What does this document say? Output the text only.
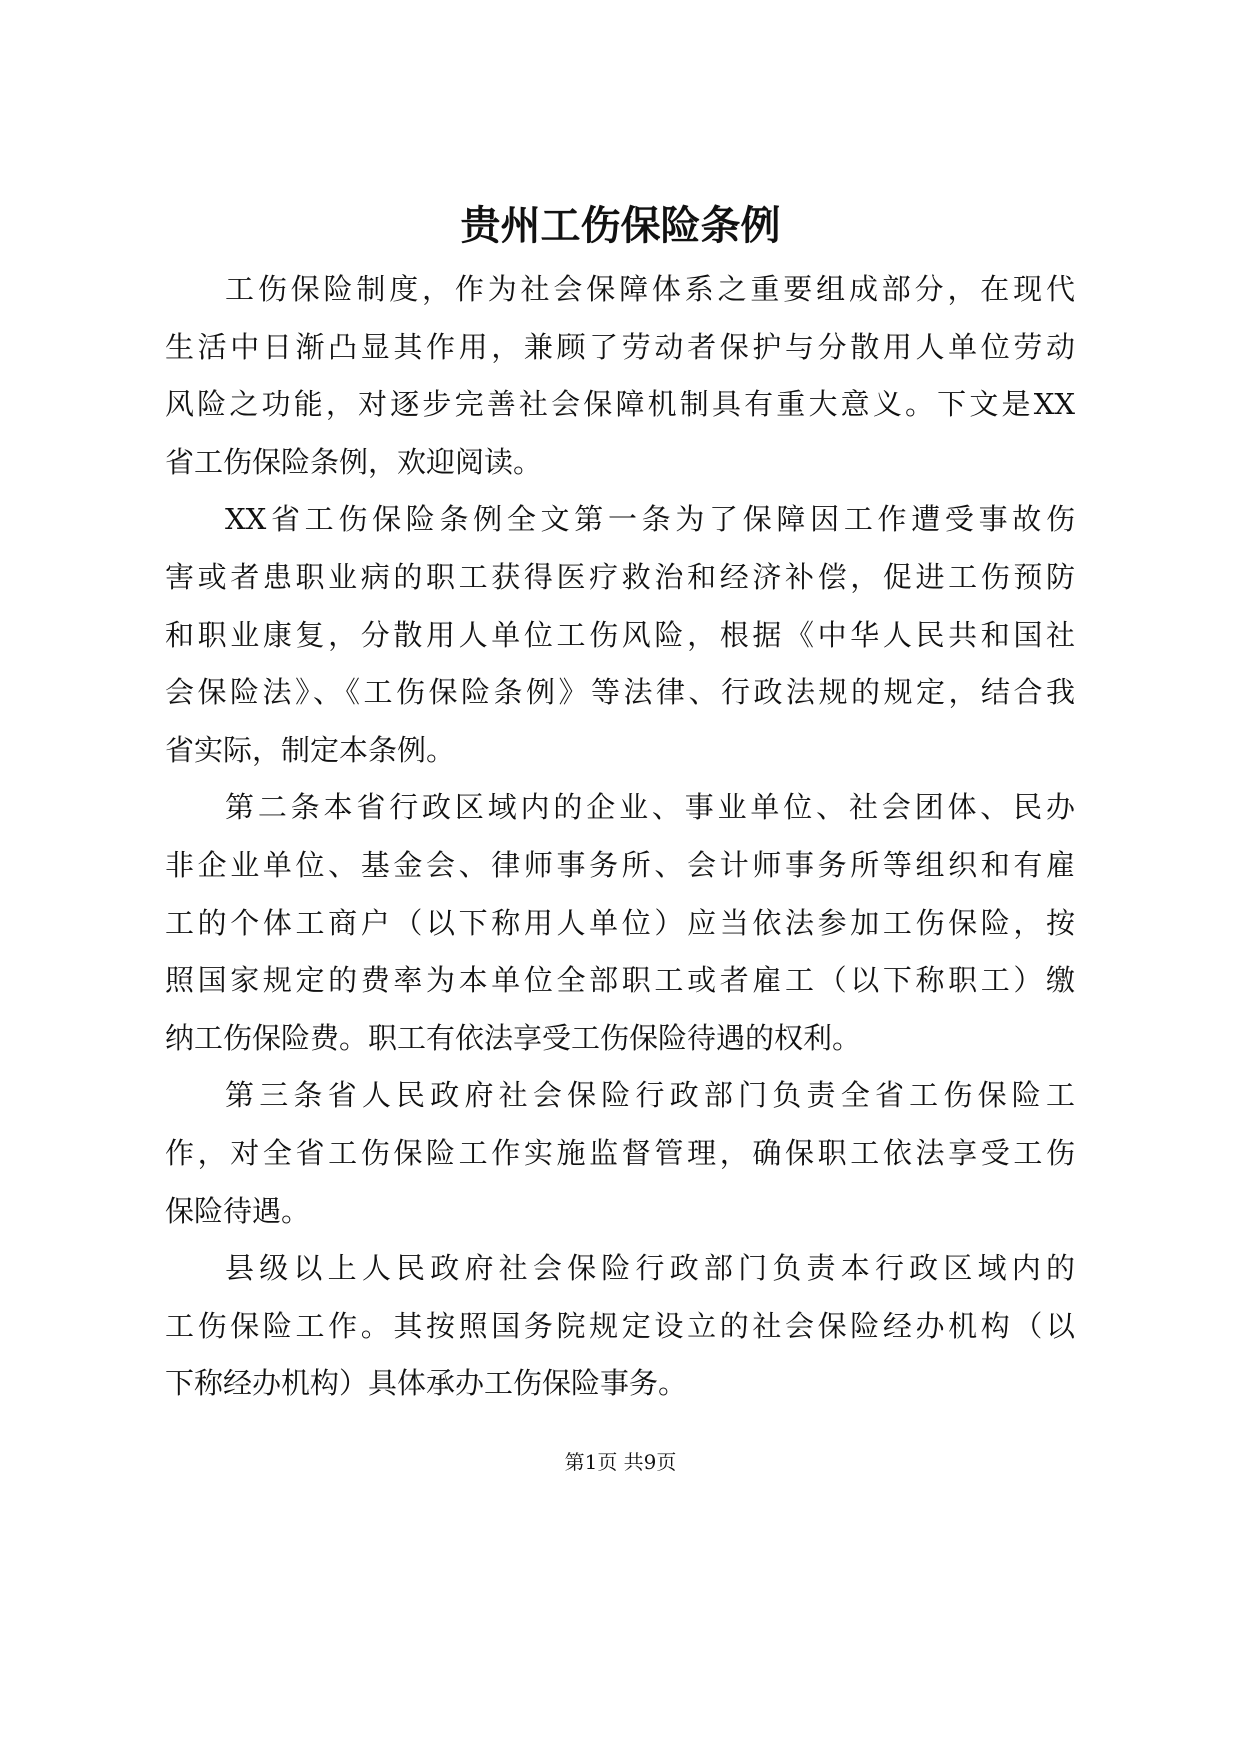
贵州工伤保险条例
工伤保险制度，作为社会保障体系之重要组成部分，在现代
生活中日渐凸显其作用，兼顾了劳动者保护与分散用人单位劳动
风险之功能，对逐步完善社会保障机制具有重大意义。下文是XX
省工伤保险条例，欢迎阅读。
XX省工伤保险条例全文第一条为了保障因工作遭受事故伤
害或者患职业病的职工获得医疗救治和经济补偿，促进工伤预防
和职业康复，分散用人单位工伤风险，根据《中华人民共和国社
会保险法》、《工伤保险条例》等法律、行政法规的规定，结合我
省实际，制定本条例。
第二条本省行政区域内的企业、事业单位、社会团体、民办
非企业单位、基金会、律师事务所、会计师事务所等组织和有雇
工的个体工商户（以下称用人单位）应当依法参加工伤保险，按
照国家规定的费率为本单位全部职工或者雇工（以下称职工）缴
纳工伤保险费。职工有依法享受工伤保险待遇的权利。
第三条省人民政府社会保险行政部门负责全省工伤保险工
作，对全省工伤保险工作实施监督管理，确保职工依法享受工伤
保险待遇。
县级以上人民政府社会保险行政部门负责本行政区域内的
工伤保险工作。其按照国务院规定设立的社会保险经办机构（以
下称经办机构）具体承办工伤保险事务。
第1页 共9页
